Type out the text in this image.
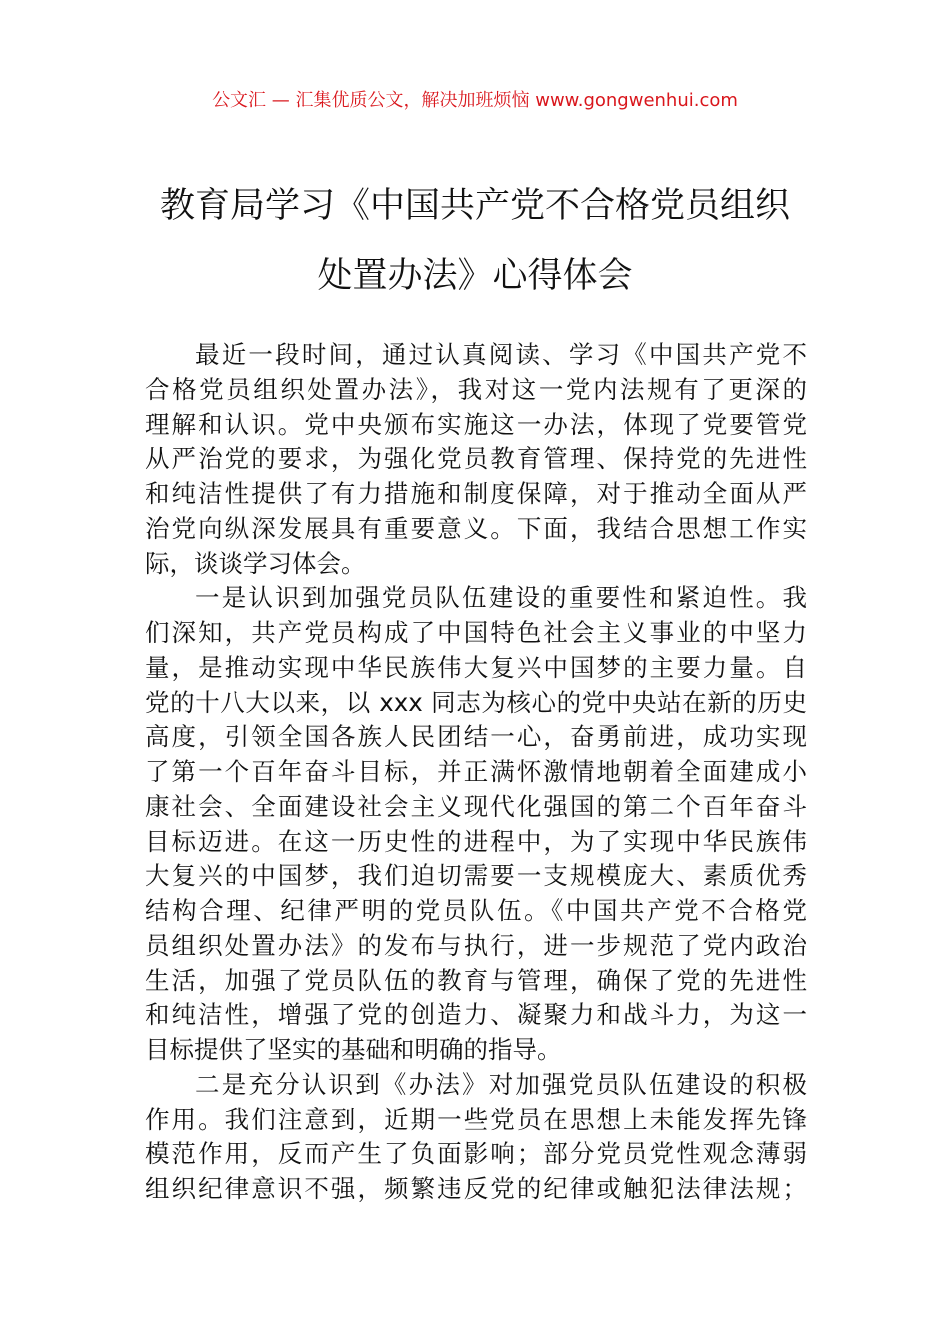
公文汇 — 汇集优质公文，解决加班烦恼 www.gongwenhui.com
教育局学习《中国共产党不合格党员组织
处置办法》心得体会
最近一段时间，通过认真阅读、学习《中国共产党不
合格党员组织处置办法》，我对这一党内法规有了更深的
理解和认识。党中央颁布实施这一办法，体现了党要管党
从严治党的要求，为强化党员教育管理、保持党的先进性
和纯洁性提供了有力措施和制度保障，对于推动全面从严
治党向纵深发展具有重要意义。下面，我结合思想工作实
际，谈谈学习体会。
一是认识到加强党员队伍建设的重要性和紧迫性。我
们深知，共产党员构成了中国特色社会主义事业的中坚力
量，是推动实现中华民族伟大复兴中国梦的主要力量。自
党的十八大以来，以 xxx 同志为核心的党中央站在新的历史
高度，引领全国各族人民团结一心，奋勇前进，成功实现
了第一个百年奋斗目标，并正满怀激情地朝着全面建成小
康社会、全面建设社会主义现代化强国的第二个百年奋斗
目标迈进。在这一历史性的进程中，为了实现中华民族伟
大复兴的中国梦，我们迫切需要一支规模庞大、素质优秀
结构合理、纪律严明的党员队伍。《中国共产党不合格党
员组织处置办法》的发布与执行，进一步规范了党内政治
生活，加强了党员队伍的教育与管理，确保了党的先进性
和纯洁性，增强了党的创造力、凝聚力和战斗力，为这一
目标提供了坚实的基础和明确的指导。
二是充分认识到《办法》对加强党员队伍建设的积极
作用。我们注意到，近期一些党员在思想上未能发挥先锋
模范作用，反而产生了负面影响；部分党员党性观念薄弱
组织纪律意识不强，频繁违反党的纪律或触犯法律法规；
